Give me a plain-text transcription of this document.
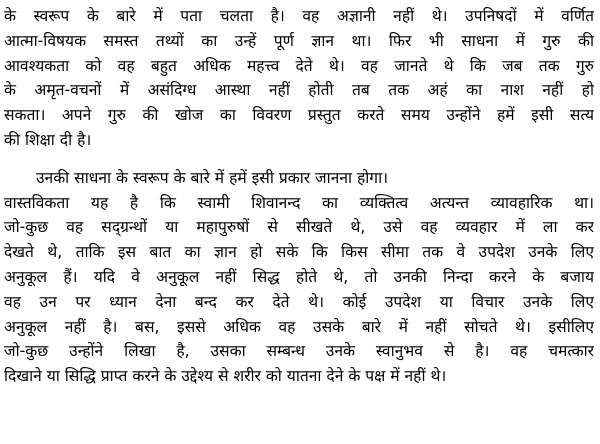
के स्वरूप के बारे में पता चलता है। वह अज्ञानी नहीं थे। उपनिषदों में वर्णित
आत्मा-विषयक समस्त तथ्यों का उन्हें पूर्ण ज्ञान था। फिर भी साधना में गुरु की
आवश्यकता को वह बहुत अधिक महत्त्व देते थे। वह जानते थे कि जब तक गुरु
के अमृत-वचनों में असंदिग्ध आस्था नहीं होती तब तक अहं का नाश नहीं हो
सकता। अपने गुरु की खोज का विवरण प्रस्तुत करते समय उन्होंने हमें इसी सत्य
की शिक्षा दी है।

उनकी साधना के स्वरूप के बारे में हमें इसी प्रकार जानना होगा।
वास्तविकता यह है कि स्वामी शिवानन्द का व्यक्तित्व अत्यन्त व्यावहारिक था।
जो-कुछ वह सद्ग्रन्थों या महापुरुषों से सीखते थे, उसे वह व्यवहार में ला कर
देखते थे, ताकि इस बात का ज्ञान हो सके कि किस सीमा तक वे उपदेश उनके लिए
अनुकूल हैं। यदि वे अनुकूल नहीं सिद्ध होते थे, तो उनकी निन्दा करने के बजाय
वह उन पर ध्यान देना बन्द कर देते थे। कोई उपदेश या विचार उनके लिए
अनुकूल नहीं है। बस, इससे अधिक वह उसके बारे में नहीं सोचते थे। इसीलिए
जो-कुछ उन्होंने लिखा है, उसका सम्बन्ध उनके स्वानुभव से है। वह चमत्कार
दिखाने या सिद्धि प्राप्त करने के उद्देश्य से शरीर को यातना देने के पक्ष में नहीं थे।
